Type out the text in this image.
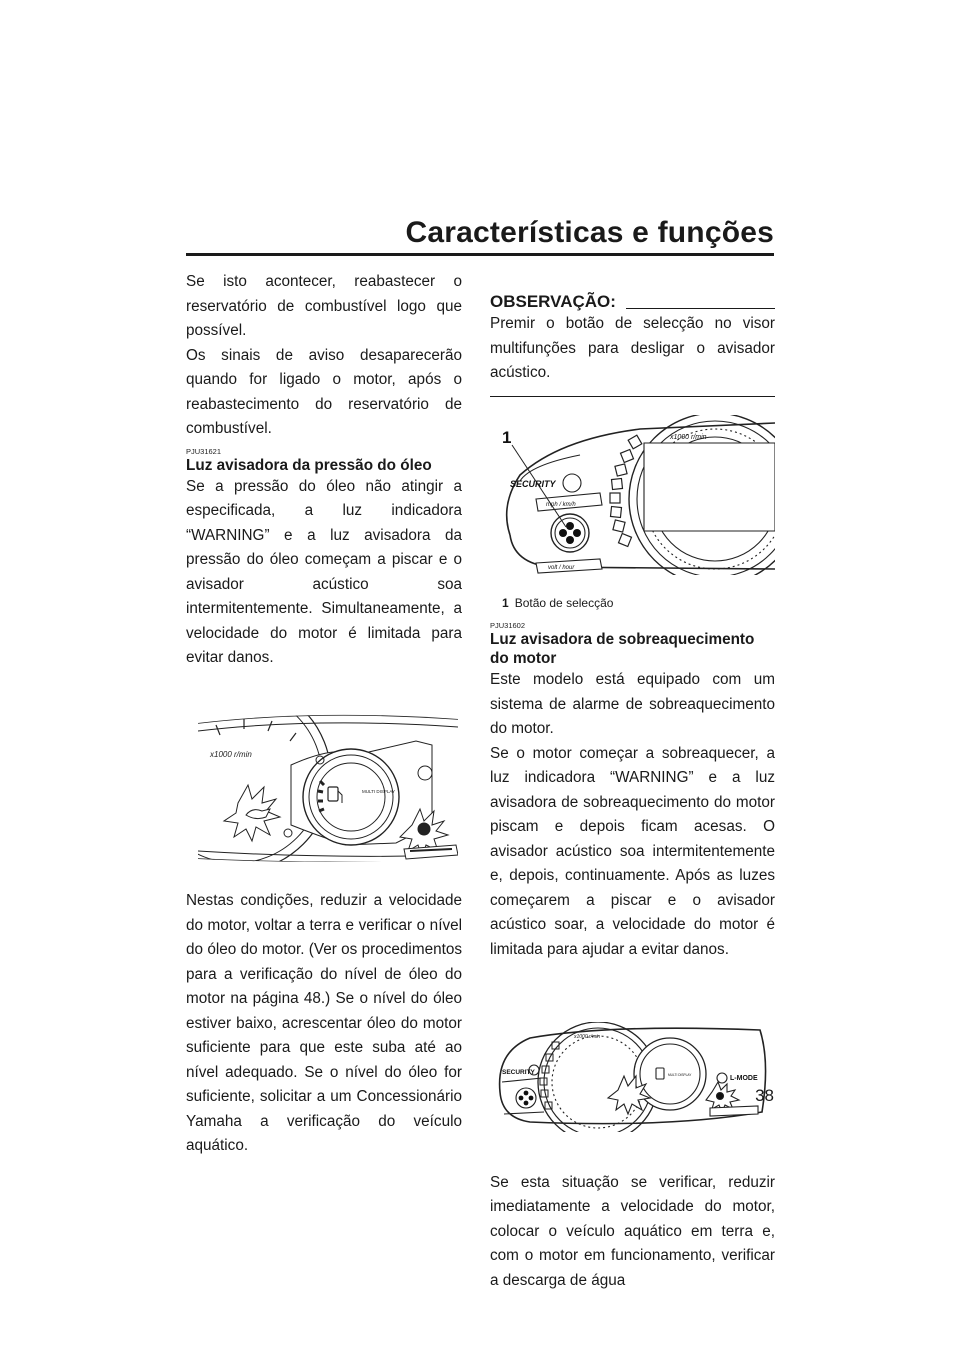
Características e funções

Se isto acontecer, reabastecer o reservatório de combustível logo que possível.

Os sinais de aviso desaparecerão quando for ligado o motor, após o reabastecimento do reservatório de combustível.

PJU31621
Luz avisadora da pressão do óleo

Se a pressão do óleo não atingir a especificada, a luz indicadora “WARNING” e a luz avisadora da pressão do óleo começam a piscar e o avisador acústico soa intermitentemente. Simultaneamente, a velocidade do motor é limitada para evitar danos.

x1000 r/min
MULTI DISPLAY

Nestas condições, reduzir a velocidade do motor, voltar a terra e verificar o nível do óleo do motor. (Ver os procedimentos para a verificação do nível de óleo do motor na página 48.) Se o nível do óleo estiver baixo, acrescentar óleo do motor suficiente para que este suba até ao nível adequado. Se o nível do óleo for suficiente, solicitar a um Concessionário Yamaha a verificação do veículo aquático.

OBSERVAÇÃO:

Premir o botão de selecção no visor multifunções para desligar o avisador acústico.

1
SECURITY
mph / km/h
volt / hour
x1000 r/min
1 Botão de selecção
PJU31602
Luz avisadora de sobreaquecimento do motor

Este modelo está equipado com um sistema de alarme de sobreaquecimento do motor.

Se o motor começar a sobreaquecer, a luz indicadora “WARNING” e a luz avisadora de sobreaquecimento do motor piscam e depois ficam acesas. O avisador acústico soa intermitentemente e, depois, continuamente. Após as luzes começarem a piscar e o avisador acústico soar, a velocidade do motor é limitada para ajudar a evitar danos.

SECURITY
L-MODE
x1000 r/min
MULTI DISPLAY

Se esta situação se verificar, reduzir imediatamente a velocidade do motor, colocar o veículo aquático em terra e, com o motor em funcionamento, verificar a descarga de água

38
